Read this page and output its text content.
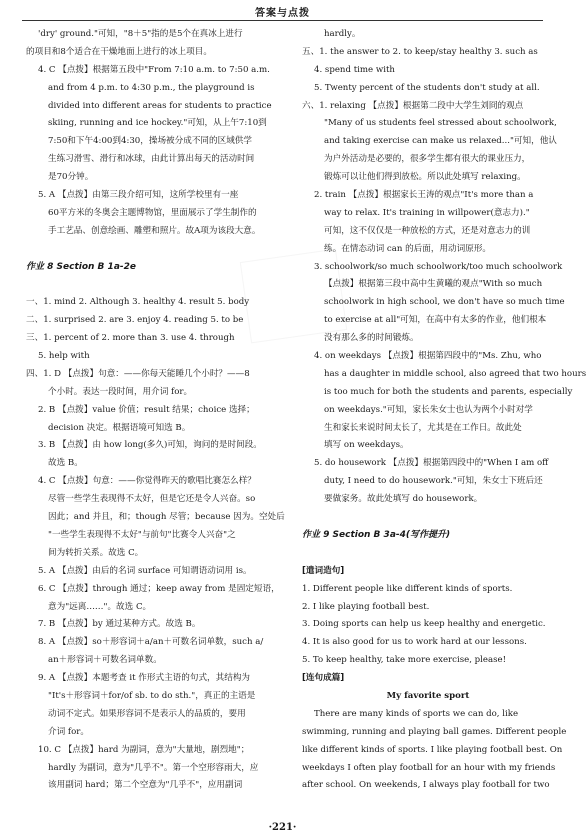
答案与点拨
'dry' ground."可知，"8＋5"指的是5个在真冰上进行
的项目和8个适合在干燥地面上进行的冰上项目。
4. C 【点拨】根据第五段中"From 7:10 a.m. to 7:50 a.m.
and from 4 p.m. to 4:30 p.m., the playground is
divided into different areas for students to practice
skiing, running and ice hockey."可知，从上午7:10到
7:50和下午4:00到4:30，操场被分成不同的区域供学
生练习滑雪、滑行和冰球，由此计算出每天的活动时间
是70分钟。
5. A 【点拨】由第三段介绍可知，这所学校里有一座
60平方米的冬奥会主题博物馆，里面展示了学生制作的
手工艺品、创意绘画、雕塑和照片。故A项为该段大意。
作业 8 Section B 1a-2e
一、1. mind 2. Although 3. healthy 4. result 5. body
二、1. surprised 2. are 3. enjoy 4. reading 5. to be
三、1. percent of 2. more than 3. use 4. through
5. help with
四、1. D 【点拨】句意：——你每天能睡几个小时？——8
个小时。表达一段时间，用介词 for。
2. B 【点拨】value 价值；result 结果；choice 选择；
decision 决定。根据语境可知选 B。
3. B 【点拨】由 how long(多久)可知，询问的是时间段。
故选 B。
4. C 【点拨】句意：——你觉得昨天的歌唱比赛怎么样？
尽管一些学生表现得不太好，但是它还是令人兴奋。so
因此；and 并且，和；though 尽管；because 因为。空处后
"一些学生表现得不太好"与前句"比赛令人兴奋"之
间为转折关系。故选 C。
5. A 【点拨】由后的名词 surface 可知谓语动词用 is。
6. C 【点拨】through 通过；keep away from 是固定短语，
意为"远离……"。故选 C。
7. B 【点拨】by 通过某种方式。故选 B。
8. A 【点拨】so＋形容词＋a/an＋可数名词单数，such a/
an＋形容词＋可数名词单数。
9. A 【点拨】本题考查 it 作形式主语的句式，其结构为
"It's＋形容词＋for/of sb. to do sth."，真正的主语是
动词不定式。如果形容词不是表示人的品质的，要用
介词 for。
10. C 【点拨】hard 为副词，意为"大量地，剧烈地"；
hardly 为副词，意为"几乎不"。第一个空形容雨大，应
该用副词 hard；第二个空意为"几乎不"，应用副词
hardly。
五、1. the answer to 2. to keep/stay healthy 3. such as
4. spend time with
5. Twenty percent of the students don't study at all.
六、1. relaxing 【点拨】根据第二段中大学生刘冏的观点
"Many of us students feel stressed about schoolwork,
and taking exercise can make us relaxed..."可知，他认
为户外活动是必要的，很多学生都有很大的课业压力，
锻炼可以让他们得到放松。所以此处填写 relaxing。
2. train 【点拨】根据家长王涛的观点"It's more than a
way to relax. It's training in willpower(意志力)."
可知，这不仅仅是一种放松的方式，还是对意志力的训
练。在情态动词 can 的后面，用动词原形。
3. schoolwork/so much schoolwork/too much schoolwork
【点拨】根据第三段中高中生黄曦的观点"With so much
schoolwork in high school, we don't have so much time
to exercise at all"可知，在高中有太多的作业，他们根本
没有那么多的时间锻炼。
4. on weekdays 【点拨】根据第四段中的"Ms. Zhu, who
has a daughter in middle school, also agreed that two hours
is too much for both the students and parents, especially
on weekdays."可知，家长朱女士也认为两个小时对学
生和家长来说时间太长了，尤其是在工作日。故此处
填写 on weekdays。
5. do housework 【点拨】根据第四段中的"When I am off
duty, I need to do housework."可知，朱女士下班后还
要做家务。故此处填写 do housework。
作业 9 Section B 3a-4(写作提升)
[遣词造句]
1. Different people like different kinds of sports.
2. I like playing football best.
3. Doing sports can help us keep healthy and energetic.
4. It is also good for us to work hard at our lessons.
5. To keep healthy, take more exercise, please!
[连句成篇]
My favorite sport
There are many kinds of sports we can do, like
swimming, running and playing ball games. Different people
like different kinds of sports. I like playing football best. On
weekdays I often play football for an hour with my friends
after school. On weekends, I always play football for two
·221·
